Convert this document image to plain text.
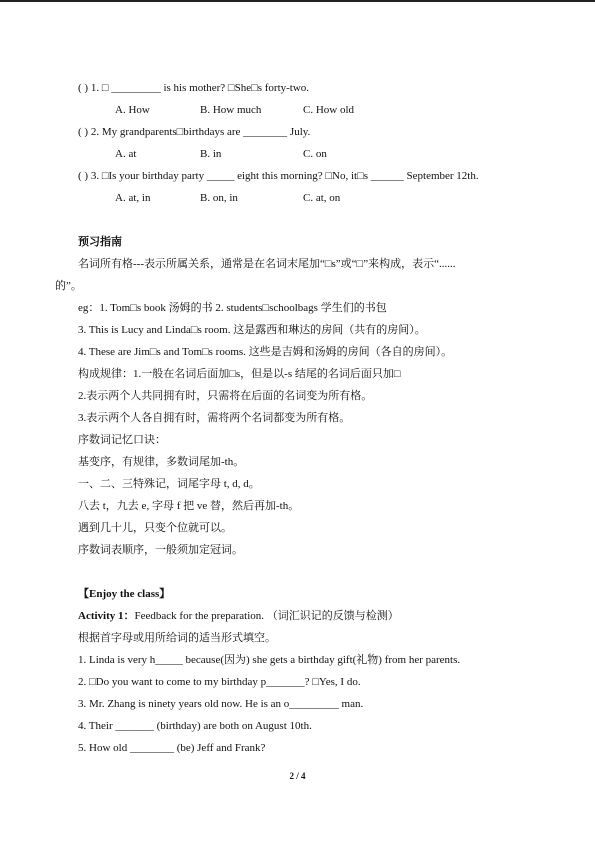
( ) 1. □ _________ is his mother? □She□s forty-two.
A. How	B. How much	C. How old
( ) 2. My grandparents□birthdays are ________ July.
A. at	B. in	C. on
( ) 3. □Is your birthday party _____ eight this morning? □No, it□s ______ September 12th.
A. at, in	B. on, in	C. at, on
预习指南
名词所有格---表示所属关系，通常是在名词末尾加“□s”或“□”来构成，表示“......
的”。
eg：1. Tom□s book 汤姆的书 2. students□schoolbags 学生们的书包
3. This is Lucy and Linda□s room. 这是露西和琳达的房间（共有的房间）。
4. These are Jim□s and Tom□s rooms. 这些是吉姆和汤姆的房间（各自的房间）。
构成规律：1.一般在名词后面加□s，但是以-s 结尾的名词后面只加□
2.表示两个人共同拥有时，只需将在后面的名词变为所有格。
3.表示两个人各自拥有时，需将两个名词都变为所有格。
序数词记忆口诀：
基变序，有规律，多数词尾加-th。
一、二、三特殊记，词尾字母 t, d, d。
八去 t，九去 e, 字母 f 把 ve 替，然后再加-th。
遇到几十儿，只变个位就可以。
序数词表顺序，一般须加定冠词。
【Enjoy the class】
Activity 1：Feedback for the preparation. （词汇识记的反馈与检测）
根据首字母或用所给词的适当形式填空。
1. Linda is very h_____ because(因为) she gets a birthday gift(礼物) from her parents.
2. □Do you want to come to my birthday p_______? □Yes, I do.
3. Mr. Zhang is ninety years old now. He is an o_________ man.
4. Their _______ (birthday) are both on August 10th.
5. How old ________ (be) Jeff and Frank?
2 / 4
